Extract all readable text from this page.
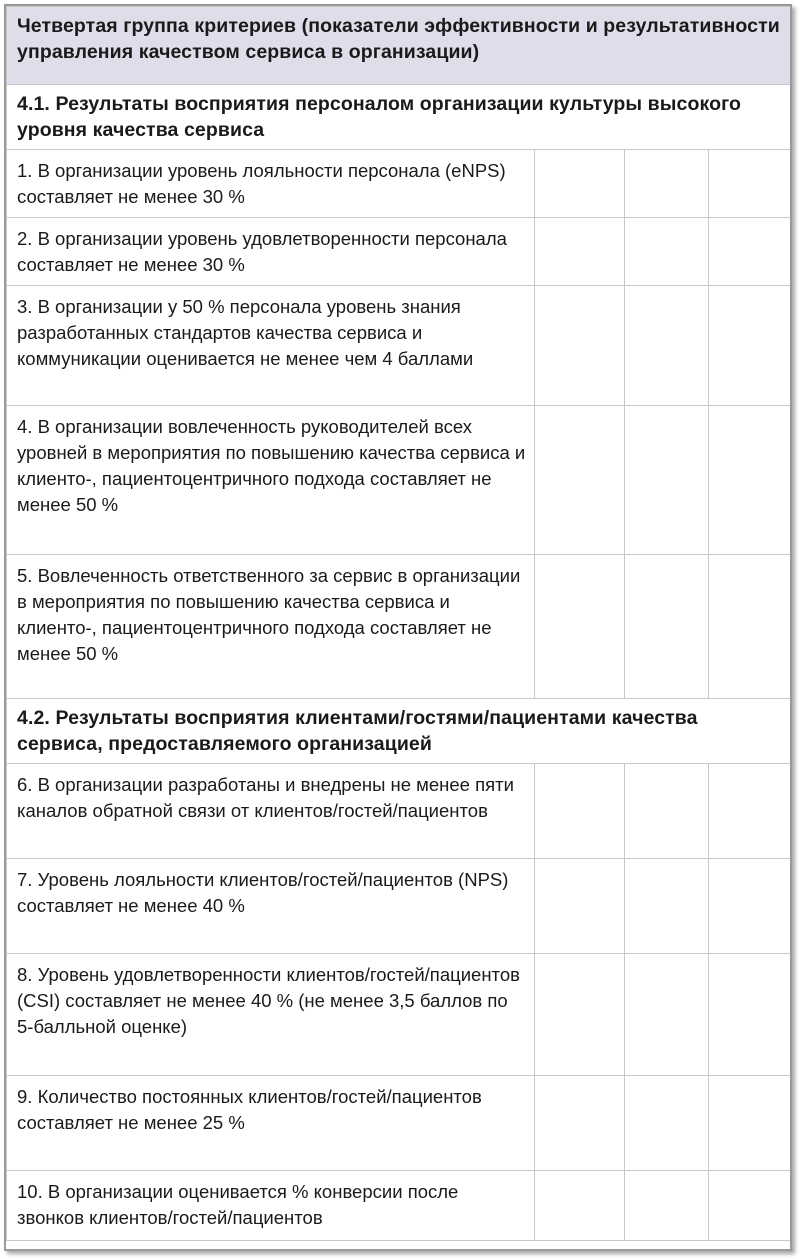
Четвертая группа критериев (показатели эффективности и результативности управления качеством сервиса в организации)			
4.1. Результаты восприятия персоналом организации культуры высокого уровня качества сервиса			
1. В организации уровень лояльности персонала (eNPS) составляет не менее 30 %			
2. В организации уровень удовлетворенности персонала составляет не менее 30 %			
3. В организации у 50 % персонала уровень знания разработанных стандартов качества сервиса и коммуникации оценивается не менее чем 4 баллами			
4. В организации вовлеченность руководителей всех уровней в мероприятия по повышению качества сервиса и клиенто-, пациентоцентричного подхода составляет не менее 50 %			
5. Вовлеченность ответственного за сервис в организации в мероприятия по повышению качества сервиса и клиенто-, пациентоцентричного подхода составляет не менее 50 %			
4.2. Результаты восприятия клиентами/гостями/пациентами качества сервиса, предоставляемого организацией			
6. В организации разработаны и внедрены не менее пяти каналов обратной связи от клиентов/гостей/пациентов			
7. Уровень лояльности клиентов/гостей/пациентов (NPS) составляет не менее 40 %			
8. Уровень удовлетворенности клиентов/гостей/пациентов (CSI) составляет не менее 40 % (не менее 3,5 баллов по 5-балльной оценке)			
9. Количество постоянных клиентов/гостей/пациентов составляет не менее 25 %			
10. В организации оценивается % конверсии после звонков клиентов/гостей/пациентов			
